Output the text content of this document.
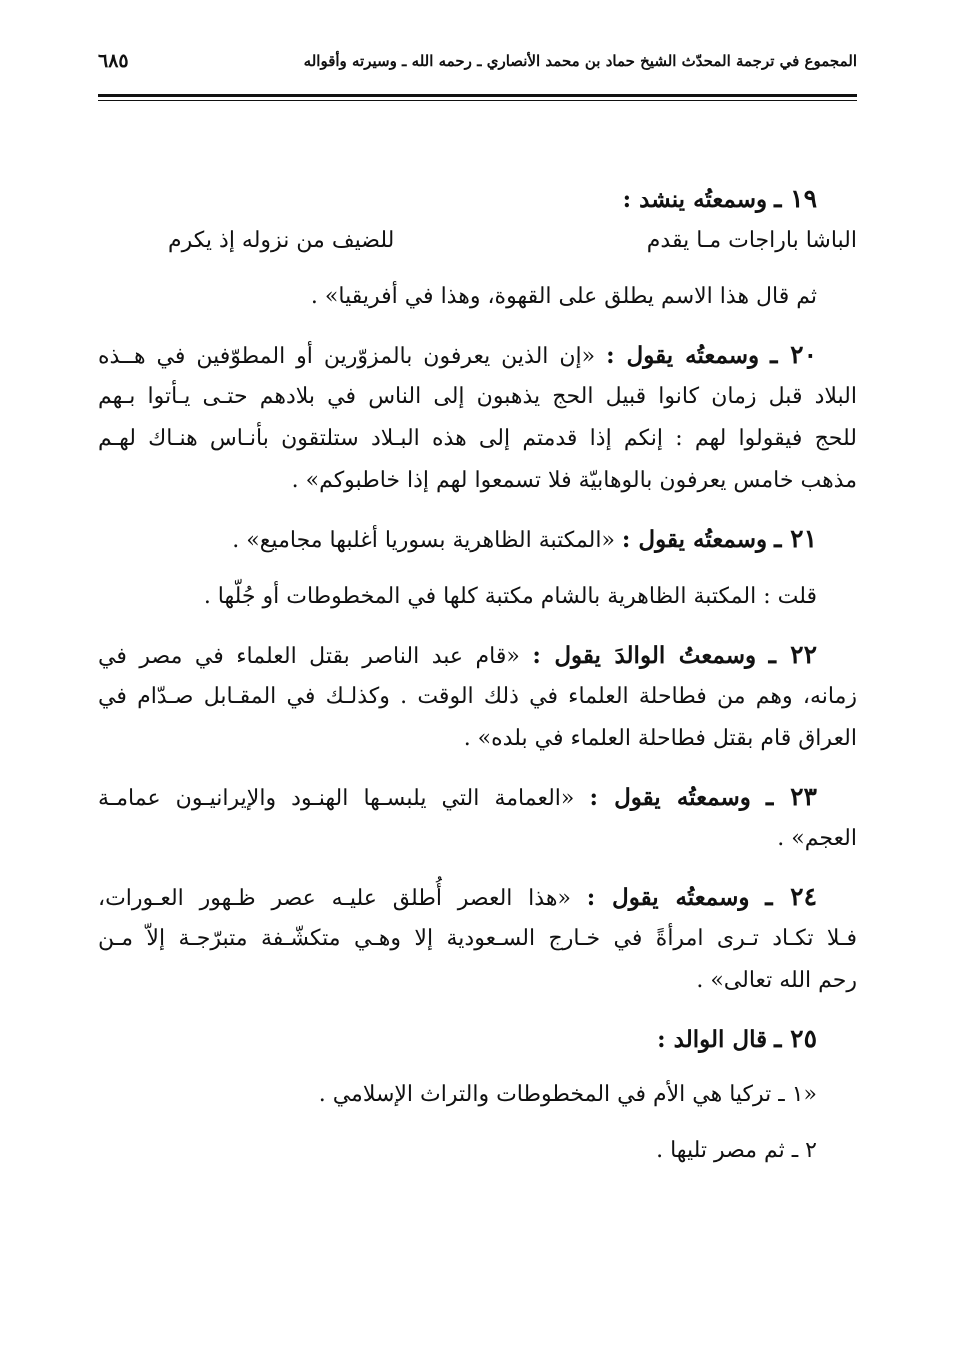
المجموع في ترجمة المحدّث الشيخ حماد بن محمد الأنصاري ـ رحمه الله ـ وسيرته وأقواله
٦٨٥
١٩ ـ وسمعتُه ينشد :
الباشا باراجات مـا يقدم
للضيف من نزوله إذ يكرم
ثم قال هذا الاسم يطلق على القهوة، وهذا في أفريقيا» .
٢٠ ـ وسمعتُه يقول : «إن الذين يعرفون بالمزوّرين أو المطوّفين في هــذه
البلاد قبل زمان كانوا قبيل الحج يذهبون إلى الناس في بلادهم حتـى يـأتوا بـهم
للحج فيقولوا لهم : إنكم إذا قدمتم إلى هذه البـلاد ستلتقون بأنـاس هنـاك لهـم
مذهب خامس يعرفون بالوهابيّة فلا تسمعوا لهم إذا خاطبوكم» .
٢١ ـ وسمعتُه يقول : «المكتبة الظاهرية بسوريا أغلبها مجاميع» .
قلت : المكتبة الظاهرية بالشام مكتبة كلها في المخطوطات أو جُلّها .
٢٢ ـ وسمعتُ الوالدَ يقول : «قام عبد الناصر بقتل العلماء في مصر في
زمانه، وهم من فطاحلة العلماء في ذلك الوقت . وكذلـك في المقـابل صـدّام في
العراق قام بقتل فطاحلة العلماء في بلده» .
٢٣ ـ وسمعتُه يقول : «العمامة التي يلبسـها الهنـود والإيرانيـون عمامـة
العجم» .
٢٤ ـ وسمعتُه يقول : «هذا العصر أُطلق عليـه عصر ظـهور العـورات،
فـلا تكـاد تـرى امرأةً في خـارج السـعودية إلا وهـي متكشّـفة متبرّجـة إلاّ مـن
رحم الله تعالى» .
٢٥ ـ قال الوالد :
«١ ـ تركيا هي الأم في المخطوطات والتراث الإسلامي .
٢ ـ ثم مصر تليها .
